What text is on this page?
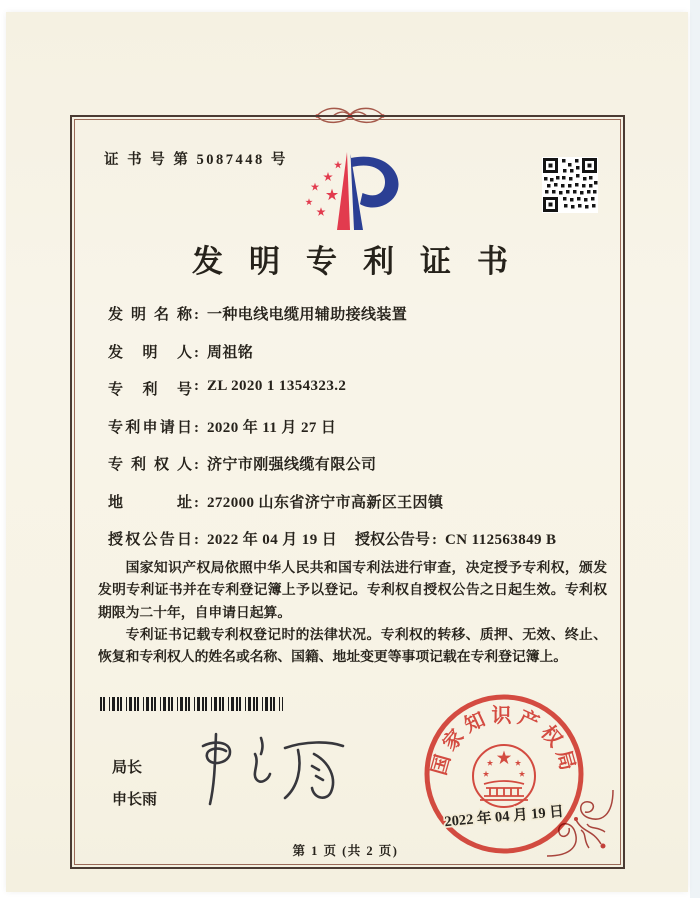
证 书 号 第 5087448 号
发明专利证书
发明名称 : 一种电线电缆用辅助接线装置
发明人 : 周祖铭
专利号 : ZL 2020 1 1354323.2
专利申请日 : 2020 年 11 月 27 日
专利权人 : 济宁市刚强线缆有限公司
地址 : 272000 山东省济宁市高新区王因镇
授权公告日 : 2022 年 04 月 19 日 授权公告号 : CN 112563849 B

国家知识产权局依照中华人民共和国专利法进行审查，决定授予专利权，颁发发明专利证书并在专利登记簿上予以登记。专利权自授权公告之日起生效。专利权期限为二十年，自申请日起算。

专利证书记载专利权登记时的法律状况。专利权的转移、质押、无效、终止、恢复和专利权人的姓名或名称、国籍、地址变更等事项记载在专利登记簿上。

局长
申长雨
国家知识产权局
2022 年 04 月 19 日
第 1 页 (共 2 页)
